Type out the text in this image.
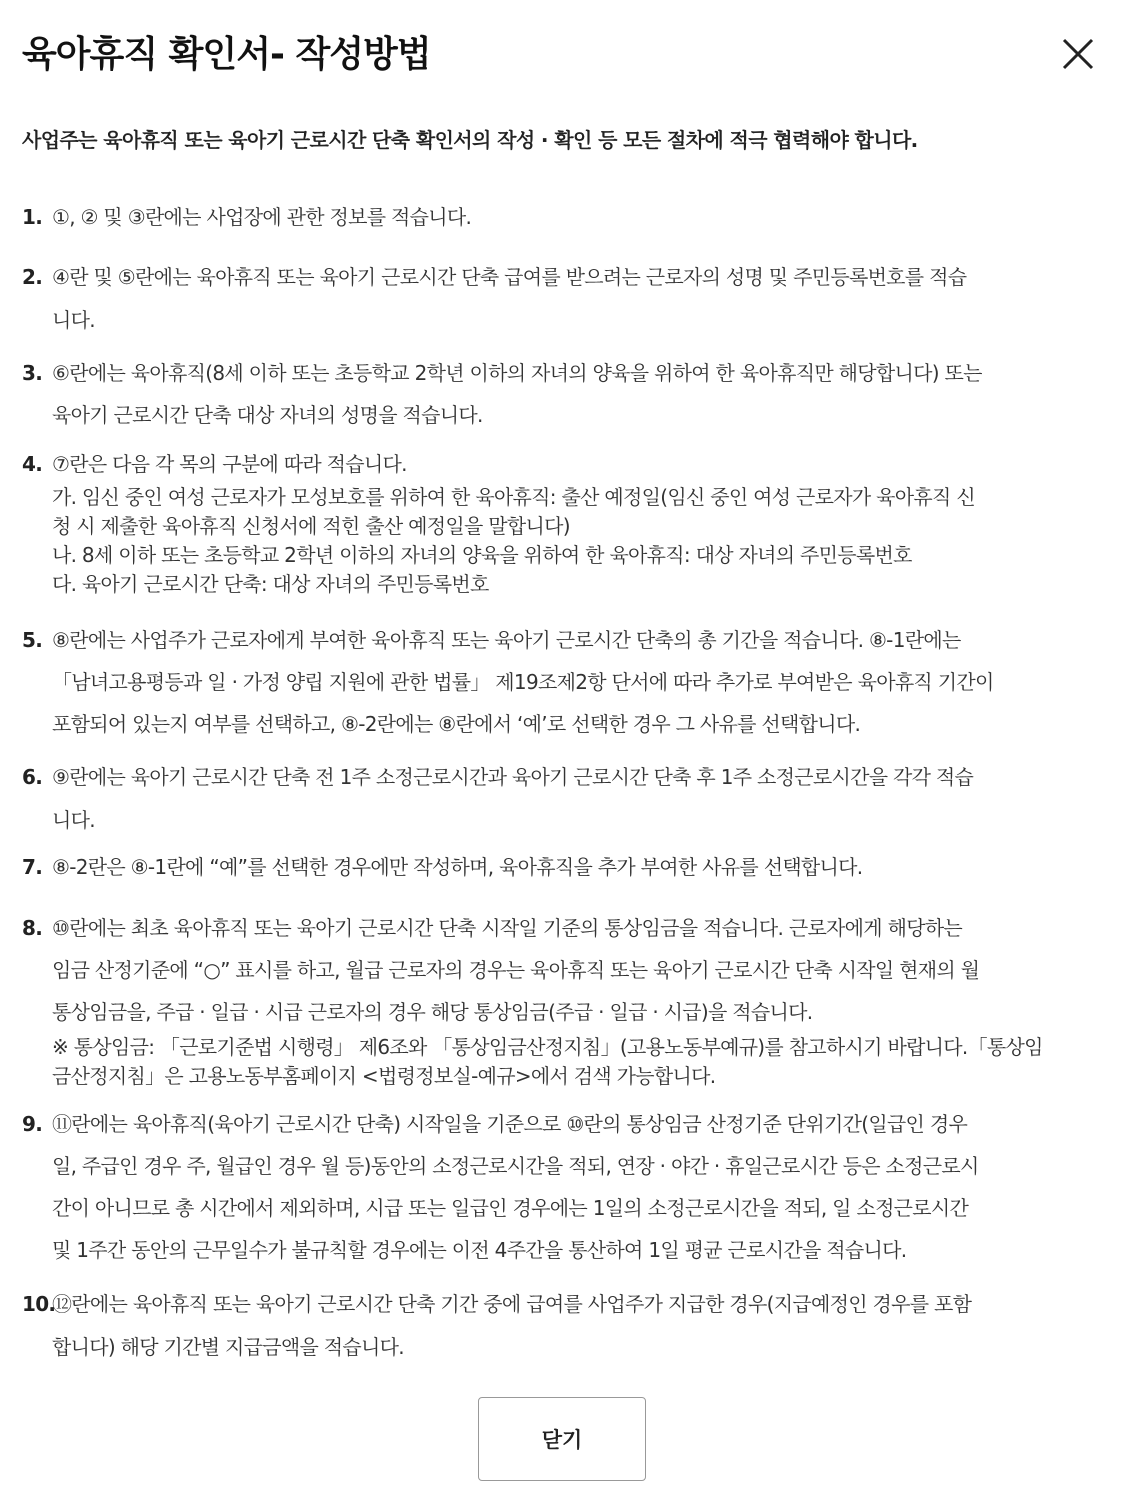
육아휴직 확인서- 작성방법
사업주는 육아휴직 또는 육아기 근로시간 단축 확인서의 작성 · 확인 등 모든 절차에 적극 협력해야 합니다.
1. ①, ② 및 ③란에는 사업장에 관한 정보를 적습니다.
2. ④란 및 ⑤란에는 육아휴직 또는 육아기 근로시간 단축 급여를 받으려는 근로자의 성명 및 주민등록번호를 적습
니다.
3. ⑥란에는 육아휴직(8세 이하 또는 초등학교 2학년 이하의 자녀의 양육을 위하여 한 육아휴직만 해당합니다) 또는
육아기 근로시간 단축 대상 자녀의 성명을 적습니다.
4. ⑦란은 다음 각 목의 구분에 따라 적습니다.
가. 임신 중인 여성 근로자가 모성보호를 위하여 한 육아휴직: 출산 예정일(임신 중인 여성 근로자가 육아휴직 신
청 시 제출한 육아휴직 신청서에 적힌 출산 예정일을 말합니다)
나. 8세 이하 또는 초등학교 2학년 이하의 자녀의 양육을 위하여 한 육아휴직: 대상 자녀의 주민등록번호
다. 육아기 근로시간 단축: 대상 자녀의 주민등록번호
5. ⑧란에는 사업주가 근로자에게 부여한 육아휴직 또는 육아기 근로시간 단축의 총 기간을 적습니다. ⑧-1란에는
「남녀고용평등과 일 · 가정 양립 지원에 관한 법률」 제19조제2항 단서에 따라 추가로 부여받은 육아휴직 기간이
포함되어 있는지 여부를 선택하고, ⑧-2란에는 ⑧란에서 ‘예’로 선택한 경우 그 사유를 선택합니다.
6. ⑨란에는 육아기 근로시간 단축 전 1주 소정근로시간과 육아기 근로시간 단축 후 1주 소정근로시간을 각각 적습
니다.
7. ⑧-2란은 ⑧-1란에 “예”를 선택한 경우에만 작성하며, 육아휴직을 추가 부여한 사유를 선택합니다.
8. ⑩란에는 최초 육아휴직 또는 육아기 근로시간 단축 시작일 기준의 통상임금을 적습니다. 근로자에게 해당하는
임금 산정기준에 “○” 표시를 하고, 월급 근로자의 경우는 육아휴직 또는 육아기 근로시간 단축 시작일 현재의 월
통상임금을, 주급 · 일급 · 시급 근로자의 경우 해당 통상임금(주급 · 일급 · 시급)을 적습니다.
※ 통상임금: 「근로기준법 시행령」 제6조와 「통상임금산정지침」(고용노동부예규)를 참고하시기 바랍니다.「통상임
금산정지침」은 고용노동부홈페이지 <법령정보실-예규>에서 검색 가능합니다.
9. ⑪란에는 육아휴직(육아기 근로시간 단축) 시작일을 기준으로 ⑩란의 통상임금 산정기준 단위기간(일급인 경우
일, 주급인 경우 주, 월급인 경우 월 등)동안의 소정근로시간을 적되, 연장 · 야간 · 휴일근로시간 등은 소정근로시
간이 아니므로 총 시간에서 제외하며, 시급 또는 일급인 경우에는 1일의 소정근로시간을 적되, 일 소정근로시간
및 1주간 동안의 근무일수가 불규칙할 경우에는 이전 4주간을 통산하여 1일 평균 근로시간을 적습니다.
10.
⑫란에는 육아휴직 또는 육아기 근로시간 단축 기간 중에 급여를 사업주가 지급한 경우(지급예정인 경우를 포함
합니다) 해당 기간별 지급금액을 적습니다.
닫기
